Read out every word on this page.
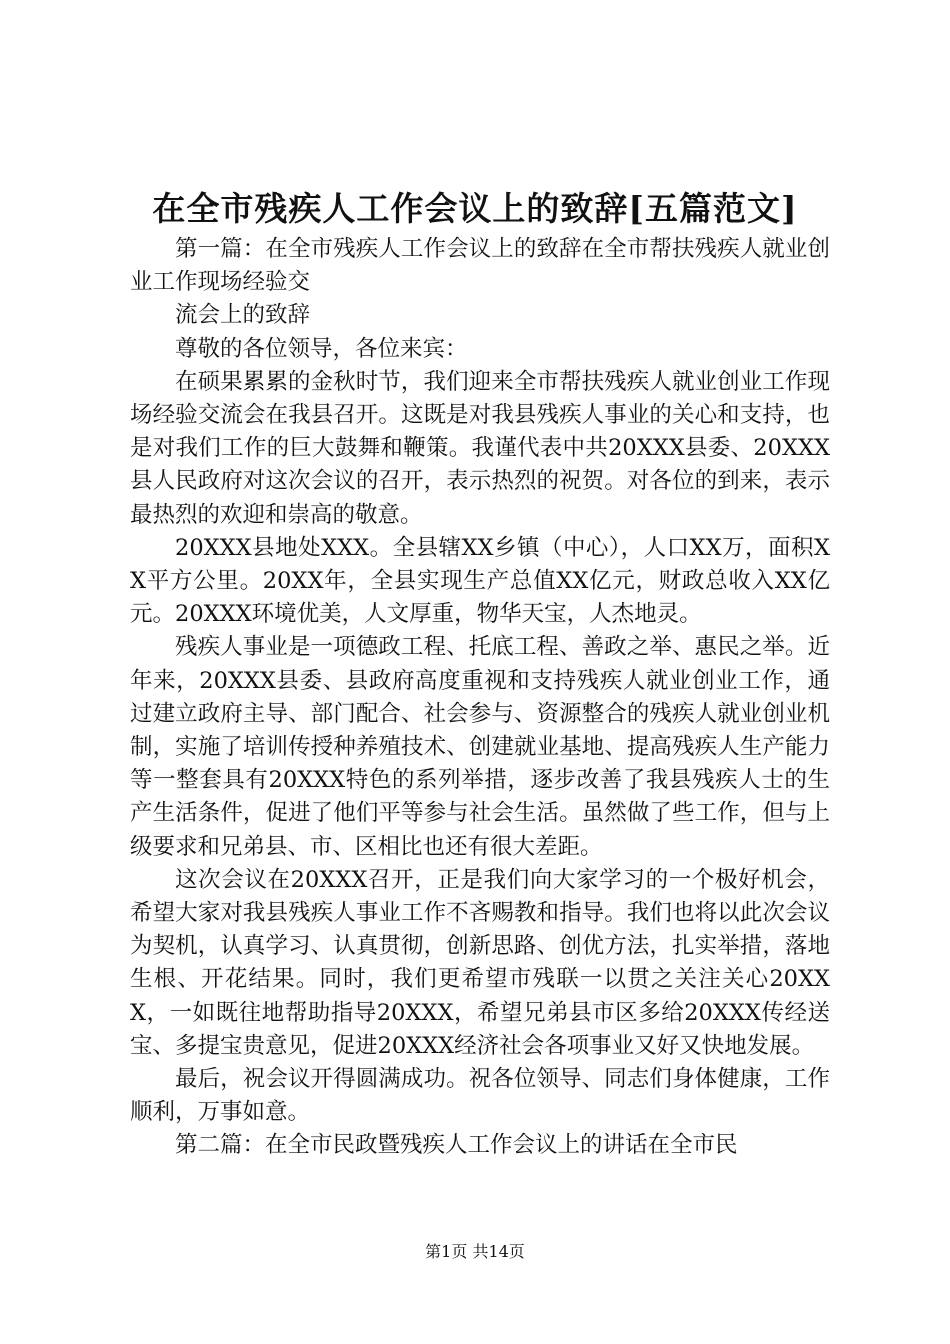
在全市残疾人工作会议上的致辞[五篇范文]

第一篇：在全市残疾人工作会议上的致辞在全市帮扶残疾人就业创业工作现场经验交

流会上的致辞

尊敬的各位领导，各位来宾：

在硕果累累的金秋时节，我们迎来全市帮扶残疾人就业创业工作现场经验交流会在我县召开。这既是对我县残疾人事业的关心和支持，也是对我们工作的巨大鼓舞和鞭策。我谨代表中共20XXX县委、20XXX县人民政府对这次会议的召开，表示热烈的祝贺。对各位的到来，表示最热烈的欢迎和崇高的敬意。

20XXX县地处XXX。全县辖XX乡镇（中心），人口XX万，面积XX平方公里。20XX年，全县实现生产总值XX亿元，财政总收入XX亿元。20XXX环境优美，人文厚重，物华天宝，人杰地灵。

残疾人事业是一项德政工程、托底工程、善政之举、惠民之举。近年来，20XXX县委、县政府高度重视和支持残疾人就业创业工作，通过建立政府主导、部门配合、社会参与、资源整合的残疾人就业创业机制，实施了培训传授种养殖技术、创建就业基地、提高残疾人生产能力等一整套具有20XXX特色的系列举措，逐步改善了我县残疾人士的生产生活条件，促进了他们平等参与社会生活。虽然做了些工作，但与上级要求和兄弟县、市、区相比也还有很大差距。

这次会议在20XXX召开，正是我们向大家学习的一个极好机会，希望大家对我县残疾人事业工作不吝赐教和指导。我们也将以此次会议为契机，认真学习、认真贯彻，创新思路、创优方法，扎实举措，落地生根、开花结果。同时，我们更希望市残联一以贯之关注关心20XXX，一如既往地帮助指导20XXX，希望兄弟县市区多给20XXX传经送宝、多提宝贵意见，促进20XXX经济社会各项事业又好又快地发展。

最后，祝会议开得圆满成功。祝各位领导、同志们身体健康，工作顺利，万事如意。

第二篇：在全市民政暨残疾人工作会议上的讲话在全市民

第1页 共14页
